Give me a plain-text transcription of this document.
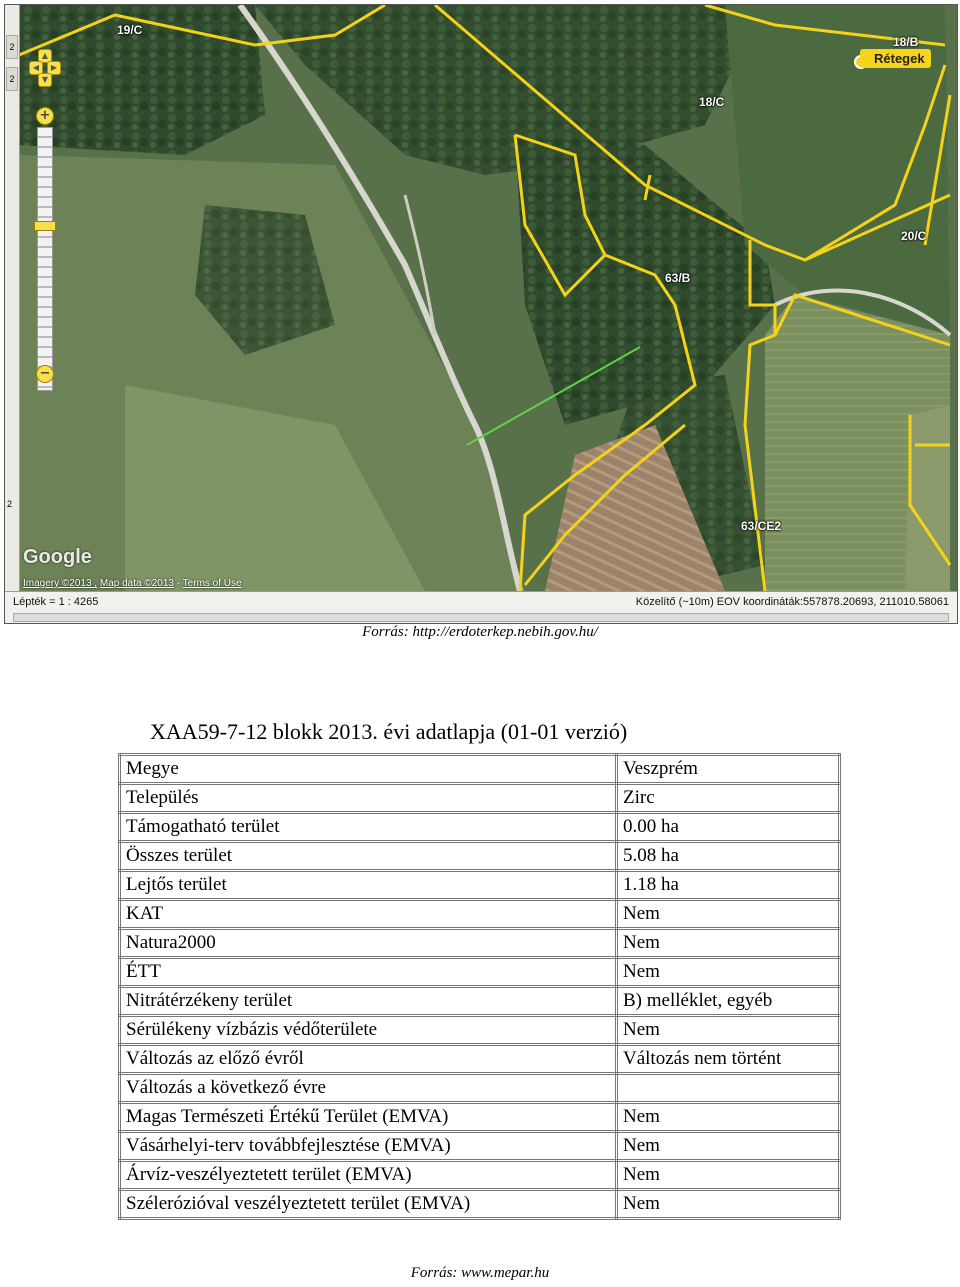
2
2
2
▲
◀	▶
▼
+
−
19/C
18/B
18/C
63/B
20/C
63/CE2
Rétegek
Google
Imagery ©2013 , Map data ©2013 - Terms of Use
Lépték = 1 : 4265	Közelítő (~10m) EOV koordináták:557878.20693, 211010.58061
Forrás: http://erdoterkep.nebih.gov.hu/
XAA59-7-12 blokk 2013. évi adatlapja (01-01 verzió)
Megye	Veszprém
Település	Zirc
Támogatható terület	0.00 ha
Összes terület	5.08 ha
Lejtős terület	1.18 ha
KAT	Nem
Natura2000	Nem
ÉTT	Nem
Nitrátérzékeny terület	B) melléklet, egyéb
Sérülékeny vízbázis védőterülete	Nem
Változás az előző évről	Változás nem történt
Változás a következő évre	
Magas Természeti Értékű Terület (EMVA)	Nem
Vásárhelyi-terv továbbfejlesztése (EMVA)	Nem
Árvíz-veszélyeztetett terület (EMVA)	Nem
Szélerózióval veszélyeztetett terület (EMVA)	Nem
Forrás: www.mepar.hu
